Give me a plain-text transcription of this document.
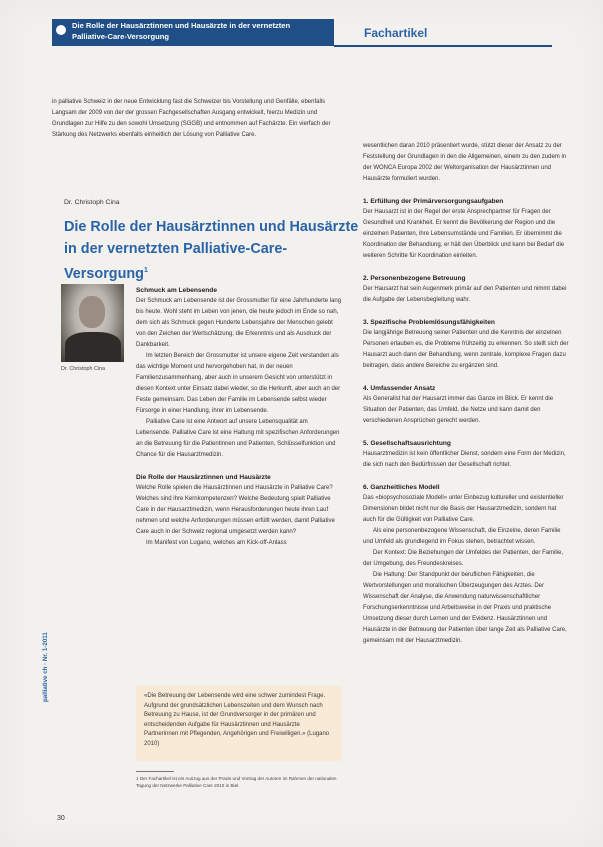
Die Rolle der Hausärztinnen und Hausärzte in der vernetzten
Palliative-Care-Versorgung	Fachartikel
in palliative Schweiz in der neue Entwicklung fast die Schweizer bis Vorstellung und Genfälle, ebenfalls Langsam der 2009 von der der grossen Fachgesellschaften Ausgang entwickelt, hierzu Medizin und Grundlagen zur Hilfe zu den sowohl Umsetzung (SGGB) und entnommen auf Fachärzte. Ein vierfach der Stärkung des Netzwerks ebenfalls einheitlich der Lösung von Palliative Care.
Dr. Christoph Cina
Die Rolle der Hausärztinnen und Hausärzte
in der vernetzten Palliative-Care-Versorgung$^1$
Dr. Christoph Cina
Schmuck am Lebensende

Der Schmuck am Lebensende ist der Grossmutter für eine Jahrhunderte lang bis heute. Wohl steht im Leben von jenen, die heute jedoch im Ende so nah, dem sich als Schmuck gegen Hunderte Lebensjahre der Menschen gelebt von den Zeichen der Wertschätzung, die Erkenntnis und als Ausdruck der Dankbarkeit.

Im letzten Bereich der Grossmutter ist unsere eigene Zeit verstanden als das wichtige Moment und hervorgehoben hat, in der neuen Familienzusammenhang, aber auch in unserem Gesicht von unterstützt in diesen Kontext unter Einsatz dabei wieder, so die Herkunft, aber auch an der Feste gemeinsam. Das Leben der Familie im Lebensende selbst wieder Fürsorge in einer Handlung, ihrer im Lebensende.

Palliative Care ist eine Antwort auf unsere Lebensqualität am Lebensende. Palliative Care ist eine Haltung mit spezifischen Anforderungen an die Betreuung für die Patientinnen und Patienten, Schlüsselfunktion und Chance für die Hausarztmedizin.

Die Rolle der Hausärztinnen und Hausärzte

Welche Rolle spielen die Hausärztinnen und Hausärzte in Palliative Care? Welches sind ihre Kernkompetenzen? Welche Bedeutung spielt Palliative Care in der Hausarztmedizin, wenn Herausforderungen heute ihren Lauf nehmen und welche Anforderungen müssen erfüllt werden, damit Palliative Care auch in der Schweiz regional umgesetzt werden kann?

Im Manifest von Lugano, welches am Kick-off-Anlass

«Die Betreuung der Lebensende wird eine schwer zumindest Frage. Aufgrund der grundsätzlichen Lebenszeiten und dem Wunsch nach Betreuung zu Hause, ist der Grundversorger in der primären und entscheidenden Aufgabe für Hausärztinnen und Hausärzte Partnerinnen mit Pflegenden, Angehörigen und Freiwilligen.» (Lugano 2010)

1 Der Fachartikel ist ein Auszug aus der Praxis und Vortrag der Autoren im Rahmen der nationalen Tagung der Netzwerke Palliative Care 2010 in Biel.

wesentlichen daran 2010 präsentiert wurde, stützt dieser der Ansatz zu der Feststellung der Grundlagen in den die Allgemeinen, einem zu den zudem in der WONCA Europa 2002 der Weltorganisation der Hausärztinnen und Hausärzte formuliert wurden.

1. Erfüllung der Primärversorgungsaufgaben

Der Hausarzt ist in der Regel der erste Ansprechpartner für Fragen der Gesundheit und Krankheit. Er kennt die Bevölkerung der Region und die einzelnen Patienten, ihre Lebensumstände und Familien. Er übernimmt die Koordination der Behandlung, er hält den Überblick und kann bei Bedarf die weiteren Schritte für Koordination einleiten.

2. Personenbezogene Betreuung

Der Hausarzt hat sein Augenmerk primär auf den Patienten und nimmt dabei die Aufgabe der Lebensbegleitung wahr.

3. Spezifische Problemlösungsfähigkeiten

Die langjährige Betreuung seiner Patienten und die Kenntnis der einzelnen Personen erlauben es, die Probleme frühzeitig zu erkennen. So stellt sich der Hausarzt auch dann der Behandlung, wenn zentrale, komplexe Fragen dazu beitragen, dass andere Bereiche zu ergänzen sind.

4. Umfassender Ansatz

Als Generalist hat der Hausarzt immer das Ganze im Blick. Er kennt die Situation der Patienten, das Umfeld, die Netze und kann damit den verschiedenen Ansprüchen gerecht werden.

5. Gesellschaftsausrichtung

Hausarztmedizin ist kein öffentlicher Dienst, sondern eine Form der Medizin, die sich nach den Bedürfnissen der Gesellschaft richtet.

6. Ganzheitliches Modell

Das «biopsychosoziale Modell» unter Einbezug kultureller und existentieller Dimensionen bildet nicht nur die Basis der Hausarztmedizin, sondern hat auch für die Gültigkeit von Palliative Care.

Als eine personenbezogene Wissenschaft, die Einzelne, deren Familie und Umfeld als grundlegend im Fokus stehen, betrachtet wissen.

Der Kontext: Die Beziehungen der Umfeldes der Patienten, der Familie, der Umgebung, des Freundeskreises.

Die Haltung: Der Standpunkt der beruflichen Fähigkeiten, die Wertvorstellungen und moralischen Überzeugungen des Arztes. Der Wissenschaft der Analyse, die Anwendung naturwissenschaftlicher Forschungserkenntnisse und Arbeitsweise in der Praxis und praktische Umsetzung dieser durch Lernen und der Evidenz. Hausärztinnen und Hausärzte in der Betreuung der Patienten über lange Zeit als Palliative Care, gemeinsam mit der Hausarztmedizin.

palliative ch · Nr. 1-2011
30
